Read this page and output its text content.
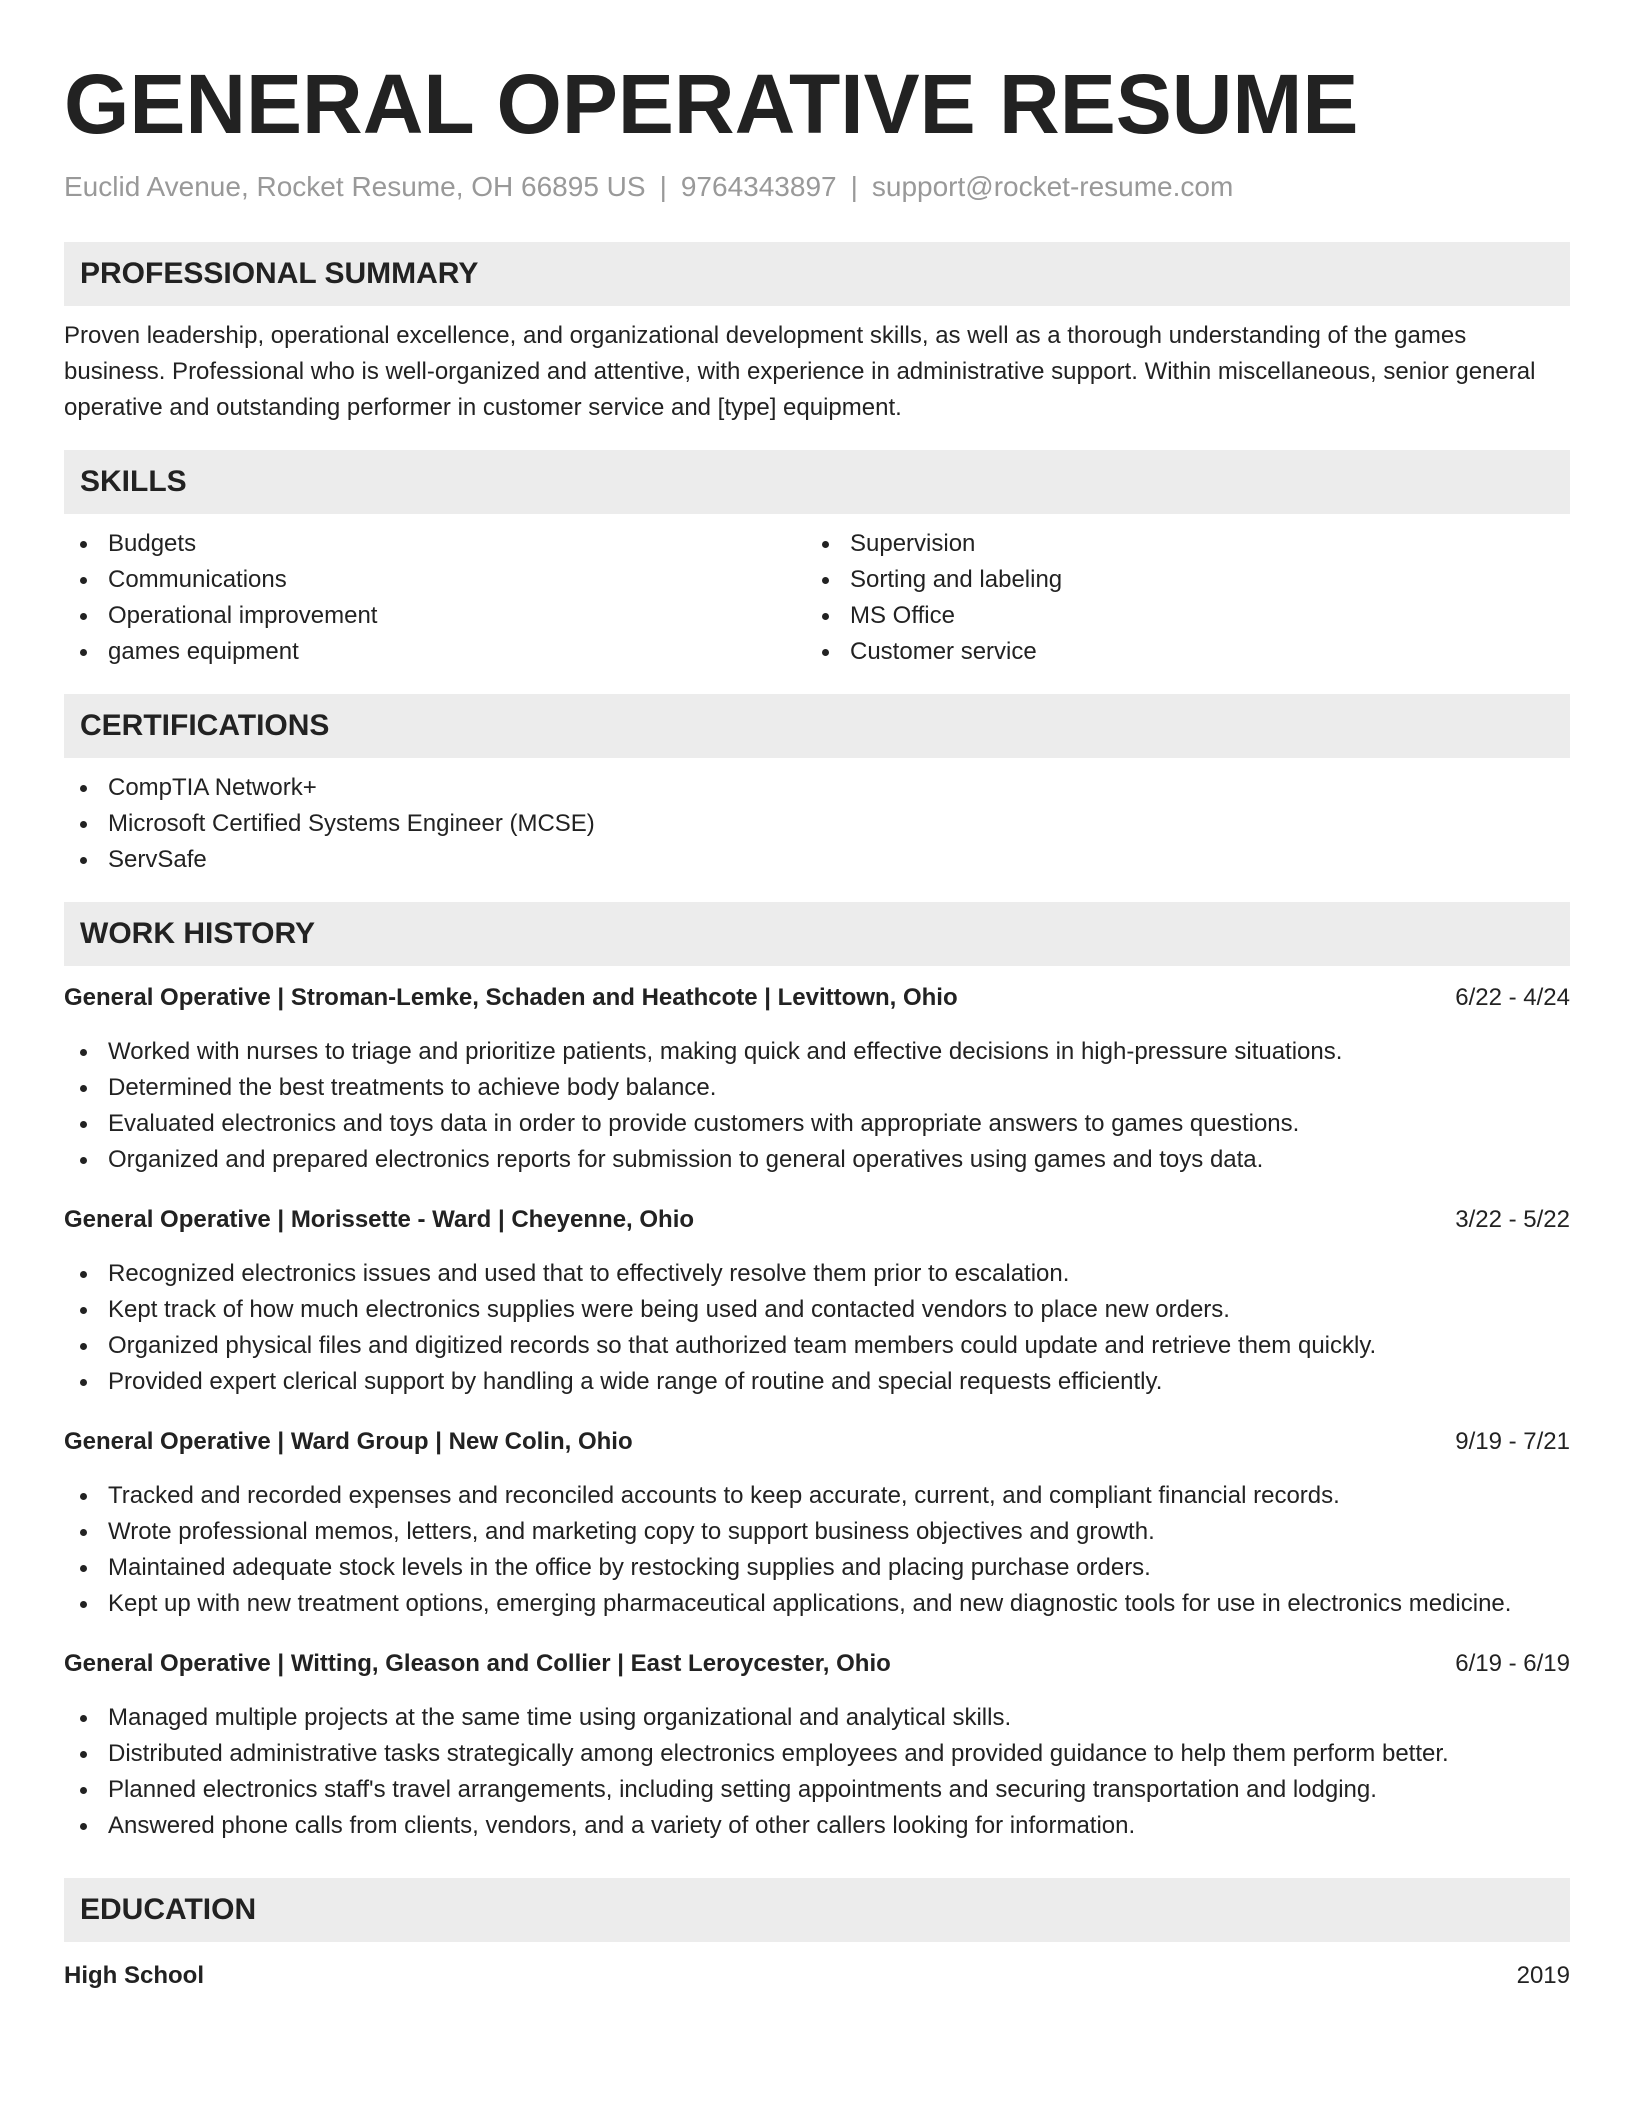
GENERAL OPERATIVE RESUME
Euclid Avenue, Rocket Resume, OH 66895 US | 9764343897 | support@rocket-resume.com
PROFESSIONAL SUMMARY

Proven leadership, operational excellence, and organizational development skills, as well as a thorough understanding of the games business. Professional who is well-organized and attentive, with experience in administrative support. Within miscellaneous, senior general operative and outstanding performer in customer service and [type] equipment.

SKILLS
Budgets
Communications
Operational improvement
games equipment
Supervision
Sorting and labeling
MS Office
Customer service
CERTIFICATIONS
CompTIA Network+
Microsoft Certified Systems Engineer (MCSE)
ServSafe
WORK HISTORY
General Operative | Stroman-Lemke, Schaden and Heathcote | Levittown, Ohio	6/22 - 4/24
Worked with nurses to triage and prioritize patients, making quick and effective decisions in high-pressure situations.
Determined the best treatments to achieve body balance.
Evaluated electronics and toys data in order to provide customers with appropriate answers to games questions.
Organized and prepared electronics reports for submission to general operatives using games and toys data.
General Operative | Morissette - Ward | Cheyenne, Ohio	3/22 - 5/22
Recognized electronics issues and used that to effectively resolve them prior to escalation.
Kept track of how much electronics supplies were being used and contacted vendors to place new orders.
Organized physical files and digitized records so that authorized team members could update and retrieve them quickly.
Provided expert clerical support by handling a wide range of routine and special requests efficiently.
General Operative | Ward Group | New Colin, Ohio	9/19 - 7/21
Tracked and recorded expenses and reconciled accounts to keep accurate, current, and compliant financial records.
Wrote professional memos, letters, and marketing copy to support business objectives and growth.
Maintained adequate stock levels in the office by restocking supplies and placing purchase orders.
Kept up with new treatment options, emerging pharmaceutical applications, and new diagnostic tools for use in electronics medicine.
General Operative | Witting, Gleason and Collier | East Leroycester, Ohio	6/19 - 6/19
Managed multiple projects at the same time using organizational and analytical skills.
Distributed administrative tasks strategically among electronics employees and provided guidance to help them perform better.
Planned electronics staff's travel arrangements, including setting appointments and securing transportation and lodging.
Answered phone calls from clients, vendors, and a variety of other callers looking for information.
EDUCATION
High School	2019
